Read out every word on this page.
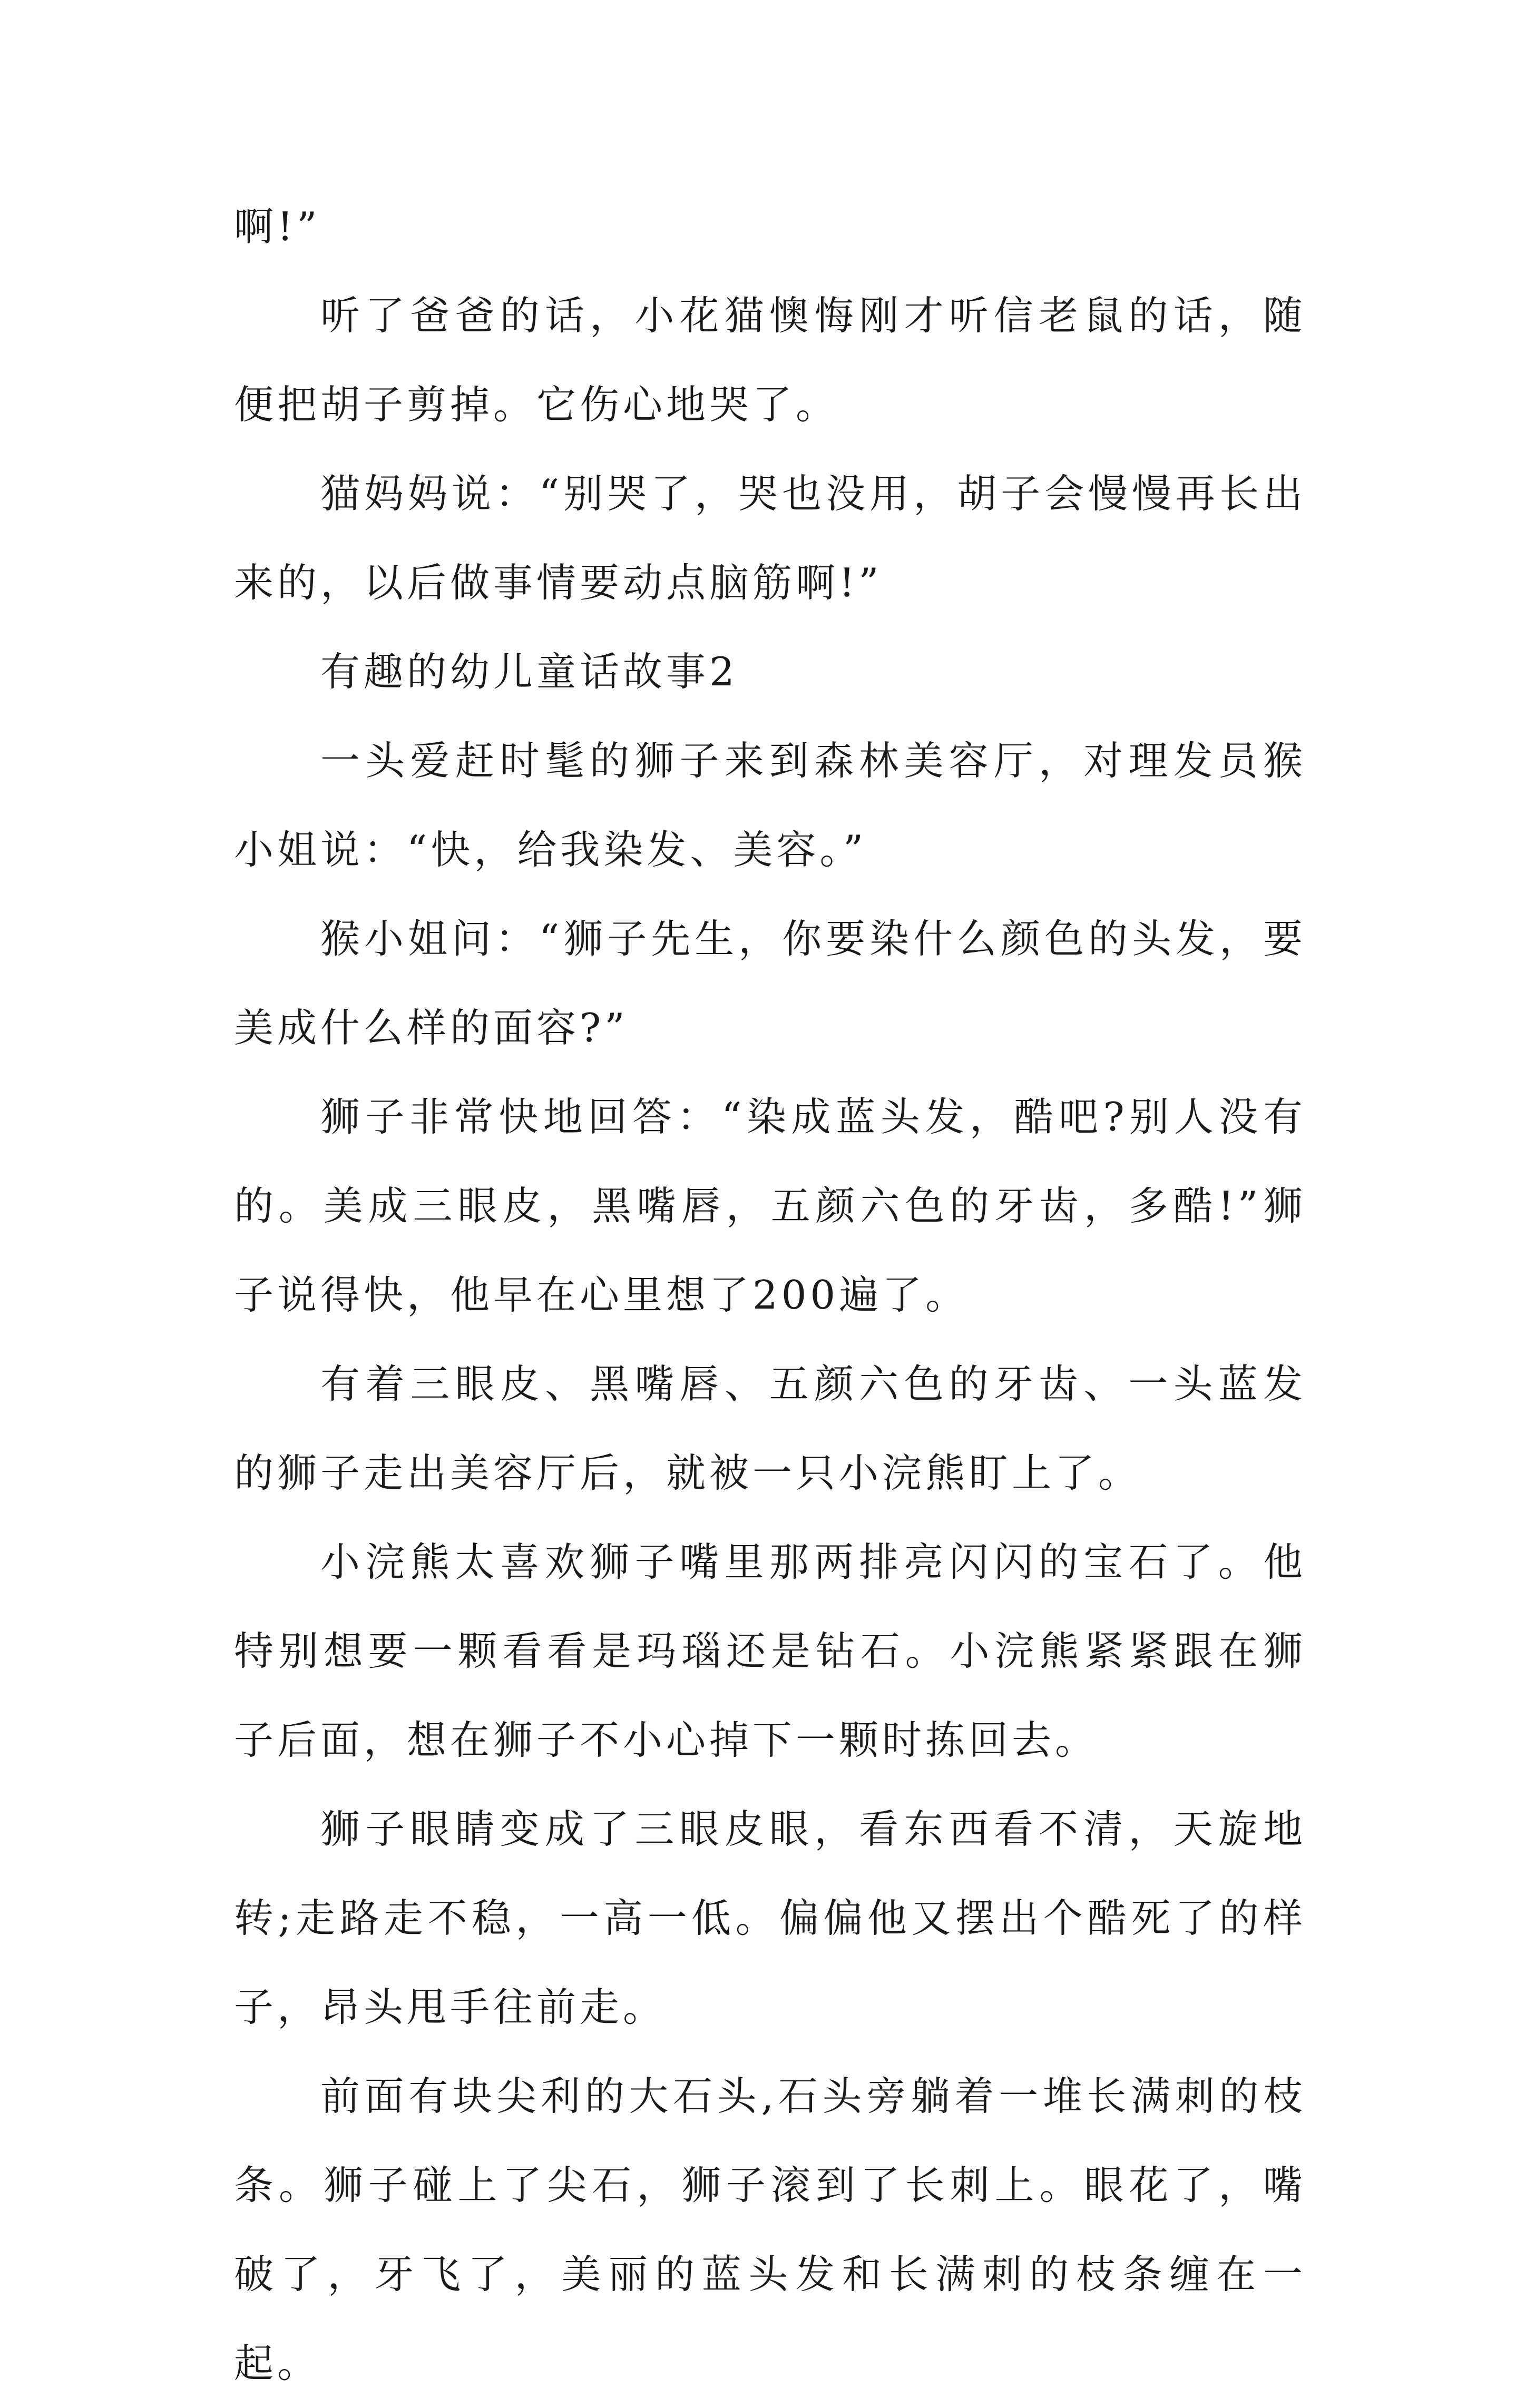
啊!”

听了爸爸的话，小花猫懊悔刚才听信老鼠的话，随便把胡子剪掉。它伤心地哭了。

猫妈妈说：“别哭了，哭也没用，胡子会慢慢再长出来的，以后做事情要动点脑筋啊!”

有趣的幼儿童话故事2

一头爱赶时髦的狮子来到森林美容厅，对理发员猴小姐说：“快，给我染发、美容。”

猴小姐问：“狮子先生，你要染什么颜色的头发，要美成什么样的面容?”

狮子非常快地回答：“染成蓝头发，酷吧?别人没有的。美成三眼皮，黑嘴唇，五颜六色的牙齿，多酷!”狮子说得快，他早在心里想了200遍了。

有着三眼皮、黑嘴唇、五颜六色的牙齿、一头蓝发的狮子走出美容厅后，就被一只小浣熊盯上了。

小浣熊太喜欢狮子嘴里那两排亮闪闪的宝石了。他特别想要一颗看看是玛瑙还是钻石。小浣熊紧紧跟在狮子后面，想在狮子不小心掉下一颗时拣回去。

狮子眼睛变成了三眼皮眼，看东西看不清，天旋地转;走路走不稳，一高一低。偏偏他又摆出个酷死了的样子，昂头甩手往前走。

前面有块尖利的大石头,石头旁躺着一堆长满刺的枝条。狮子碰上了尖石，狮子滚到了长刺上。眼花了，嘴破了，牙飞了，美丽的蓝头发和长满刺的枝条缠在一起。
